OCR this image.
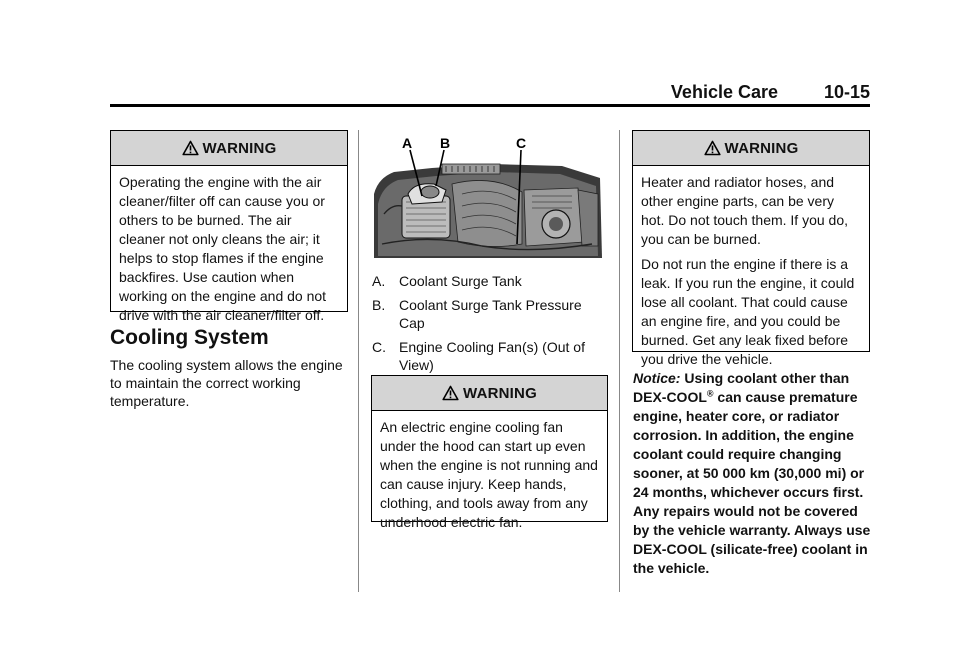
Vehicle Care	10-15
WARNING

Operating the engine with the air cleaner/filter off can cause you or others to be burned. The air cleaner not only cleans the air; it helps to stop flames if the engine backfires. Use caution when working on the engine and do not drive with the air cleaner/filter off.

Cooling System
The cooling system allows the engine to maintain the correct working temperature.
A B	C
A. Coolant Surge Tank
B. Coolant Surge Tank Pressure Cap
C. Engine Cooling Fan(s) (Out of View)
WARNING

An electric engine cooling fan under the hood can start up even when the engine is not running and can cause injury. Keep hands, clothing, and tools away from any underhood electric fan.

WARNING

Heater and radiator hoses, and other engine parts, can be very hot. Do not touch them. If you do, you can be burned.

Do not run the engine if there is a leak. If you run the engine, it could lose all coolant. That could cause an engine fire, and you could be burned. Get any leak fixed before you drive the vehicle.

Notice: Using coolant other than DEX-COOL® can cause premature engine, heater core, or radiator corrosion. In addition, the engine coolant could require changing sooner, at 50 000 km (30,000 mi) or 24 months, whichever occurs first. Any repairs would not be covered by the vehicle warranty. Always use DEX-COOL (silicate-free) coolant in the vehicle.
